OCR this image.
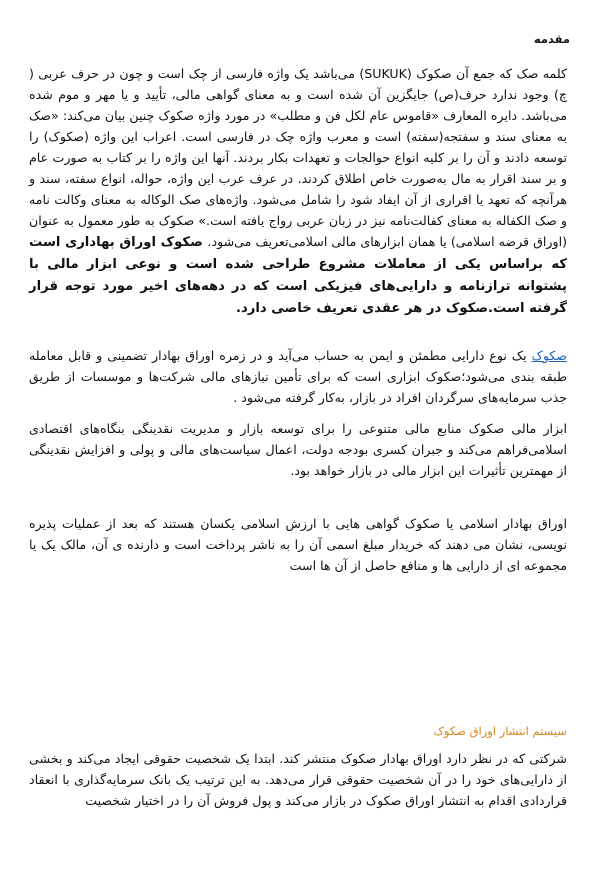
مقدمه

کلمه صک که جمع آن صکوک (SUKUK) می‌باشد یک واژه فارسی از چک است و چون در حرف عربی ( چ) وجود ندارد حرف(ص) جایگزین آن شده است و به معنای گواهی مالی، تأیید و یا مهر و موم شده می‌باشد. دایره المعارف «قاموس عام لکل فن و مطلب» در مورد واژه صکوک چنین بیان می‌کند: «صک به معنای سند و سفتجه(سفته) است و معرب واژه چک در فارسی است. اعراب این واژه (صکوک) را توسعه دادند و آن را بر کلیه انواع حوالجات و تعهدات بکار بردند. آنها این واژه را بر کتاب به صورت عام و بر سند اقرار به مال به‌صورت خاص اطلاق کردند. در عرف عرب این واژه، حواله، انواع سفته، سند و هرآنچه که تعهد یا اقراری از آن ایفاد شود را شامل می‌شود. واژه‌های صک الوکاله به معنای وکالت نامه و صک الکفاله به معنای کفالت‌نامه نیز در زبان عربی رواج یافته است.» صکوک به طور معمول به عنوان (اوراق قرضه اسلامی) یا همان ابزارهای مالی اسلامی‌تعریف می‌شود. صکوک اوراق بهاداری است که براساس یکی از معاملات مشروع طراحی شده است و نوعی ابزار مالی با پشتوانه ترازنامه و دارایی‌های فیزیکی است که در دهه‌های اخیر مورد توجه قرار گرفته است.صکوک در هر عقدی تعریف خاصی دارد.

صکوک یک نوع دارایی مطمئن و ایمن به حساب می‌آید و در زمره اوراق بهادار تضمینی و قابل معامله طبقه بندی می‌شود؛صکوک ابزاری است که برای تأمین نیازهای مالی شرکت‌ها و موسسات از طریق جذب سرمایه‌های سرگردان افراد در بازار، به‌کار گرفته می‌شود .

ابزار مالی صکوک منابع مالی متنوعی را برای توسعه بازار و مدیریت نقدینگی بنگاه‌های اقتصادی اسلامی‌فراهم می‌کند و جبران کسری بودجه دولت، اعمال سیاست‌های مالی و پولی و افزایش نقدینگی از مهمترین تأثیرات این ابزار مالی در بازار خواهد بود.

اوراق بهادار اسلامی یا صکوک گواهی هایی با ارزش اسلامی یکسان هستند که بعد از عملیات پذیره نویسی، نشان می دهند که خریدار مبلغ اسمی آن را به ناشر پرداخت است و دارنده ی آن، مالک یک یا مجموعه ای از دارایی ها و منافع حاصل از آن ها است

سیستم انتشار اوراق صکوک

شرکتی که در نظر دارد اوراق بهادار صکوک منتشر کند. ابتدا یک شخصیت حقوقی ایجاد می‌کند و بخشی از دارایی‌های خود را در آن شخصیت حقوقی قرار می‌دهد. به این ترتیب یک بانک سرمایه‌گذاری با انعقاد قراردادی اقدام به انتشار اوراق صکوک در بازار می‌کند و پول فروش آن را در اختیار شخصیت
